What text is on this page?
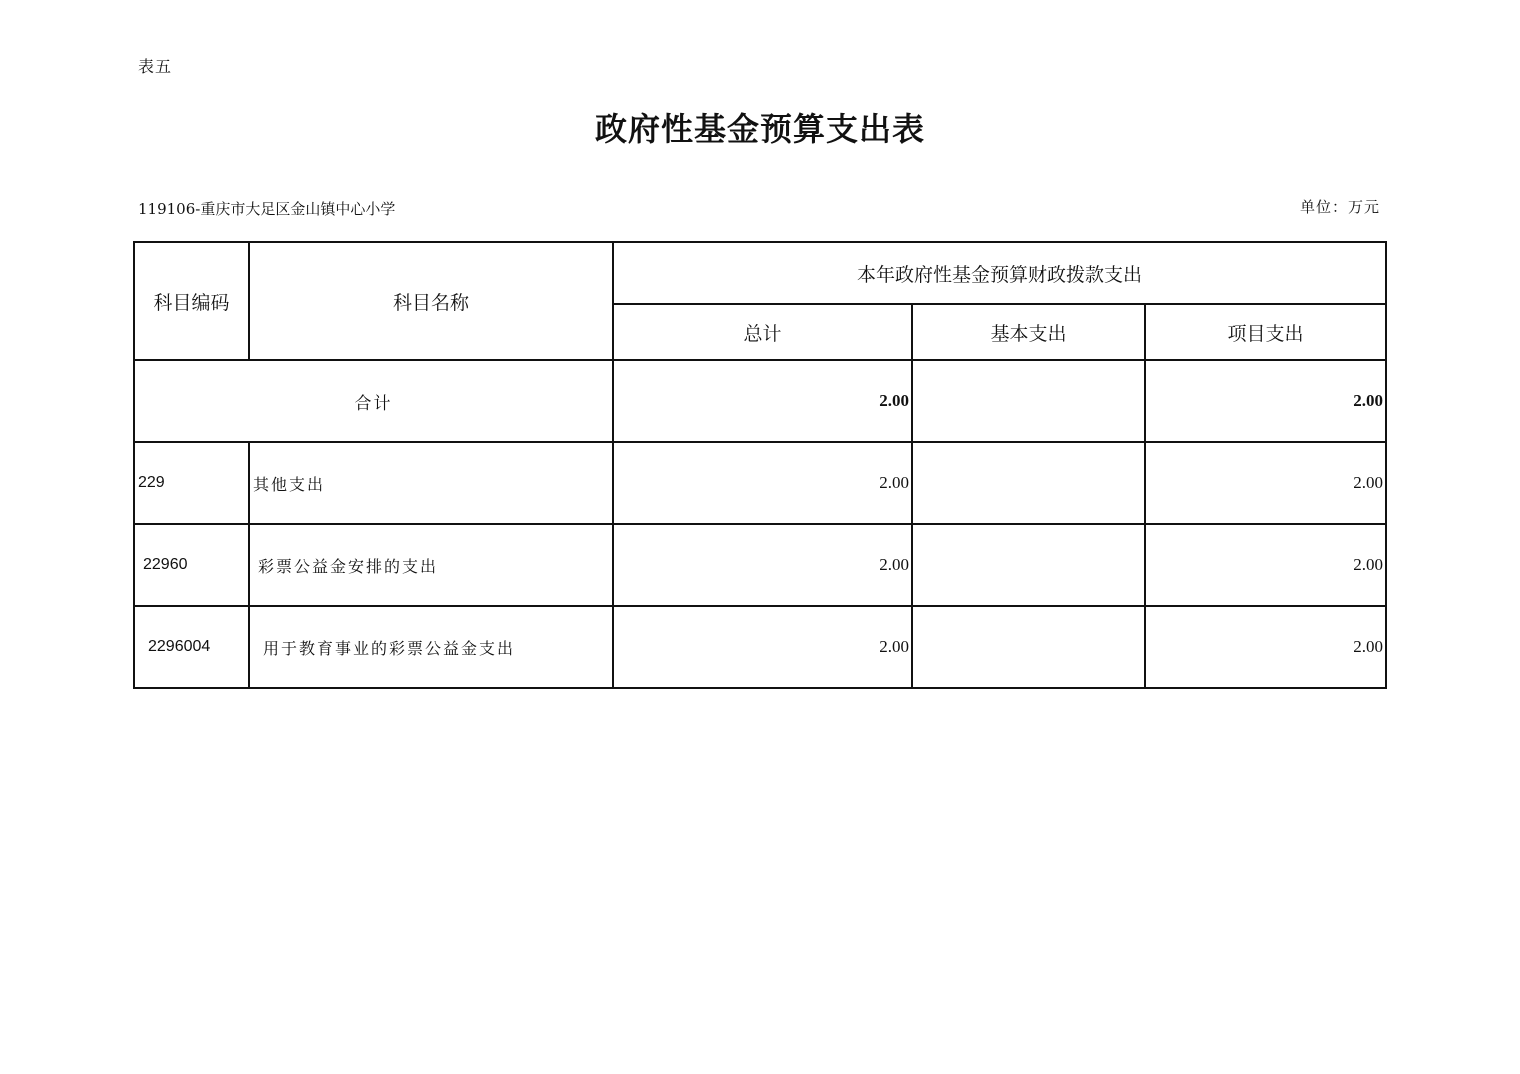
表五
政府性基金预算支出表
119106-重庆市大足区金山镇中心小学	单位：万元
科目编码	科目名称	本年政府性基金预算财政拨款支出		
		总计	基本支出	项目支出
合计		2.00		2.00
229	其他支出	2.00		2.00
22960	彩票公益金安排的支出	2.00		2.00
2296004	用于教育事业的彩票公益金支出	2.00		2.00
